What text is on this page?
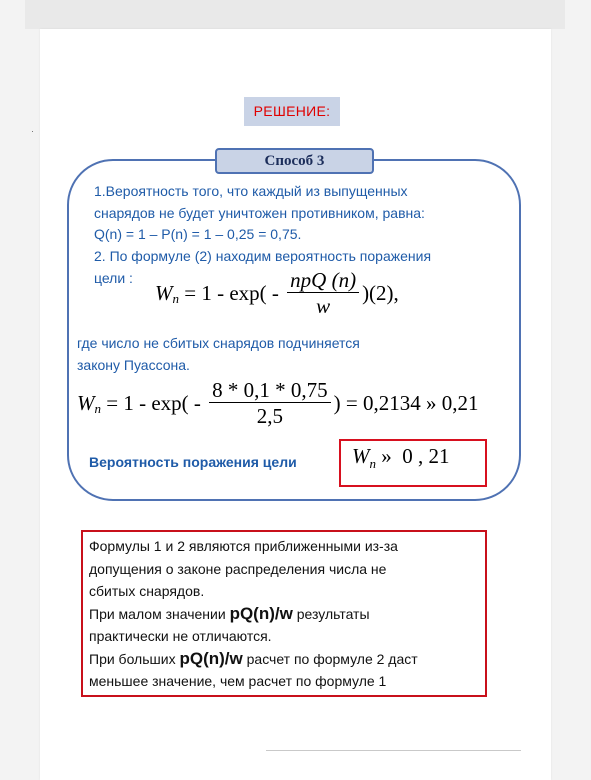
РЕШЕНИЕ:
Способ 3

1.Вероятность того, что каждый из выпущенных
снарядов не будет уничтожен противником, равна:
Q(n) = 1 – P(n) = 1 – 0,25 = 0,75.

2. По формуле (2) находим вероятность поражения
цели :

$Wn = 1 - \exp( - \frac{\text{npQ (n)}}{w} )(2)$,

где число не сбитых снарядов подчиняется
закону Пуассона.

$Wn = 1 - \exp( - \frac{8 * 0,1 * 0,75}{2,5}$ ) = 0,2134 » 0,21
Вероятность поражения цели	$W_n$ »  0 , 21

Формулы 1 и 2 являются приближенными из-за
допущения о законе распределения числа не
сбитых снарядов.
При малом значении pQ(n)/w результаты
практически не отличаются.
При больших pQ(n)/w расчет по формуле 2 даст
меньшее значение, чем расчет по формуле 1
